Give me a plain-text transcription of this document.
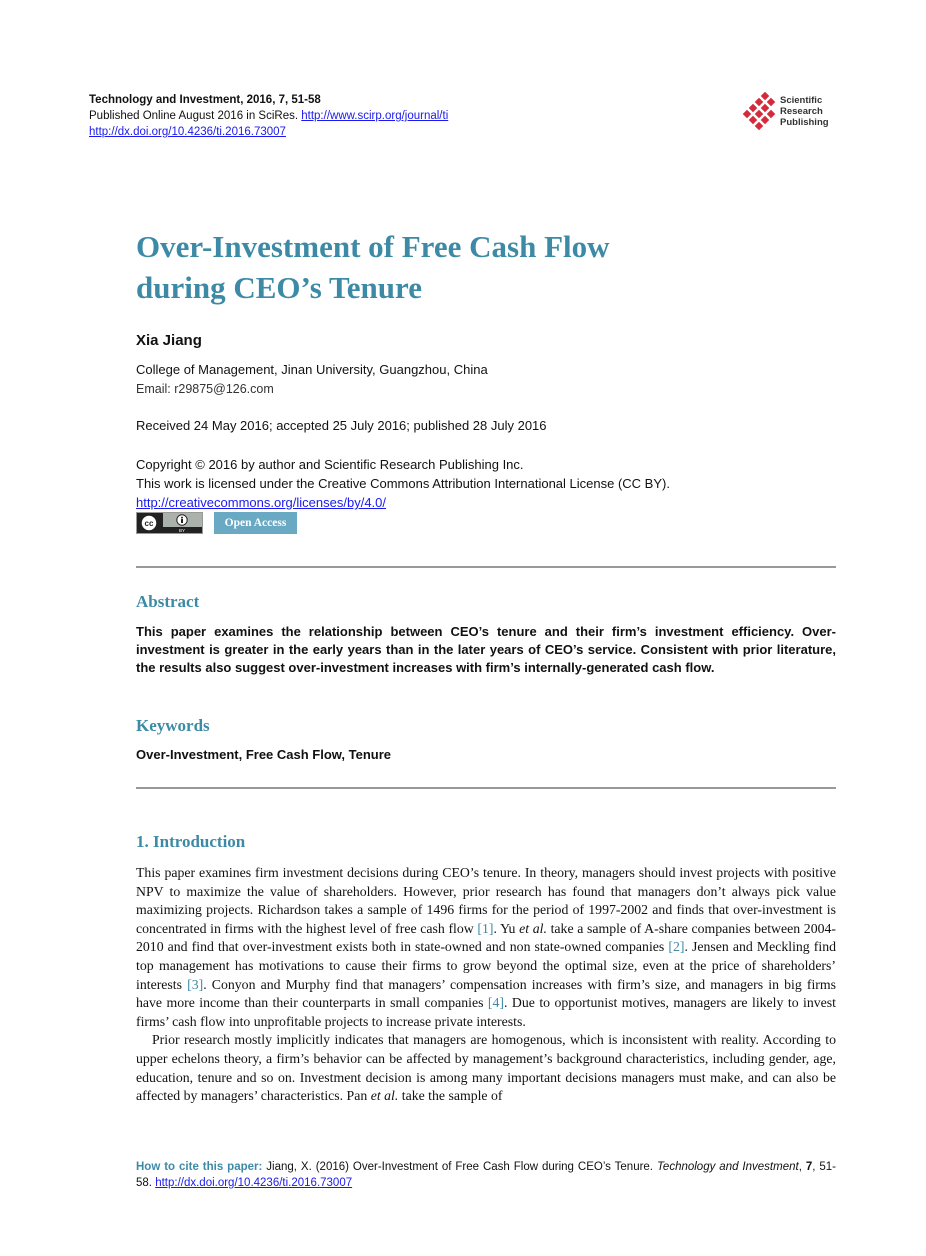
Technology and Investment, 2016, 7, 51-58
Published Online August 2016 in SciRes. http://www.scirp.org/journal/ti
http://dx.doi.org/10.4236/ti.2016.73007
Scientific
Research
Publishing
Over-Investment of Free Cash Flow
during CEO’s Tenure
Xia Jiang
College of Management, Jinan University, Guangzhou, China
Email: r29875@126.com
Received 24 May 2016; accepted 25 July 2016; published 28 July 2016
Copyright © 2016 by author and Scientific Research Publishing Inc.
This work is licensed under the Creative Commons Attribution International License (CC BY).
http://creativecommons.org/licenses/by/4.0/
cc
BY
Open Access
Abstract

This paper examines the relationship between CEO’s tenure and their firm’s investment efficiency. Over-investment is greater in the early years than in the later years of CEO’s service. Consistent with prior literature, the results also suggest over-investment increases with firm’s internally-generated cash flow.

Keywords
Over-Investment, Free Cash Flow, Tenure
1. Introduction

This paper examines firm investment decisions during CEO’s tenure. In theory, managers should invest projects with positive NPV to maximize the value of shareholders. However, prior research has found that managers don’t always pick value maximizing projects. Richardson takes a sample of 1496 firms for the period of 1997-2002 and finds that over-investment is concentrated in firms with the highest level of free cash flow [1]. Yu et al. take a sample of A-share companies between 2004-2010 and find that over-investment exists both in state-owned and non state-owned companies [2]. Jensen and Meckling find top management has motivations to cause their firms to grow beyond the optimal size, even at the price of shareholders’ interests [3]. Conyon and Murphy find that managers’ compensation increases with firm’s size, and managers in big firms have more income than their counterparts in small companies [4]. Due to opportunist motives, managers are likely to invest firms’ cash flow into unprofitable projects to increase private interests.

Prior research mostly implicitly indicates that managers are homogenous, which is inconsistent with reality. According to upper echelons theory, a firm’s behavior can be affected by management’s background characteristics, including gender, age, education, tenure and so on. Investment decision is among many important decisions managers must make, and can also be affected by managers’ characteristics. Pan et al. take the sample of

How to cite this paper: Jiang, X. (2016) Over-Investment of Free Cash Flow during CEO’s Tenure. Technology and Investment, 7, 51-58. http://dx.doi.org/10.4236/ti.2016.73007
